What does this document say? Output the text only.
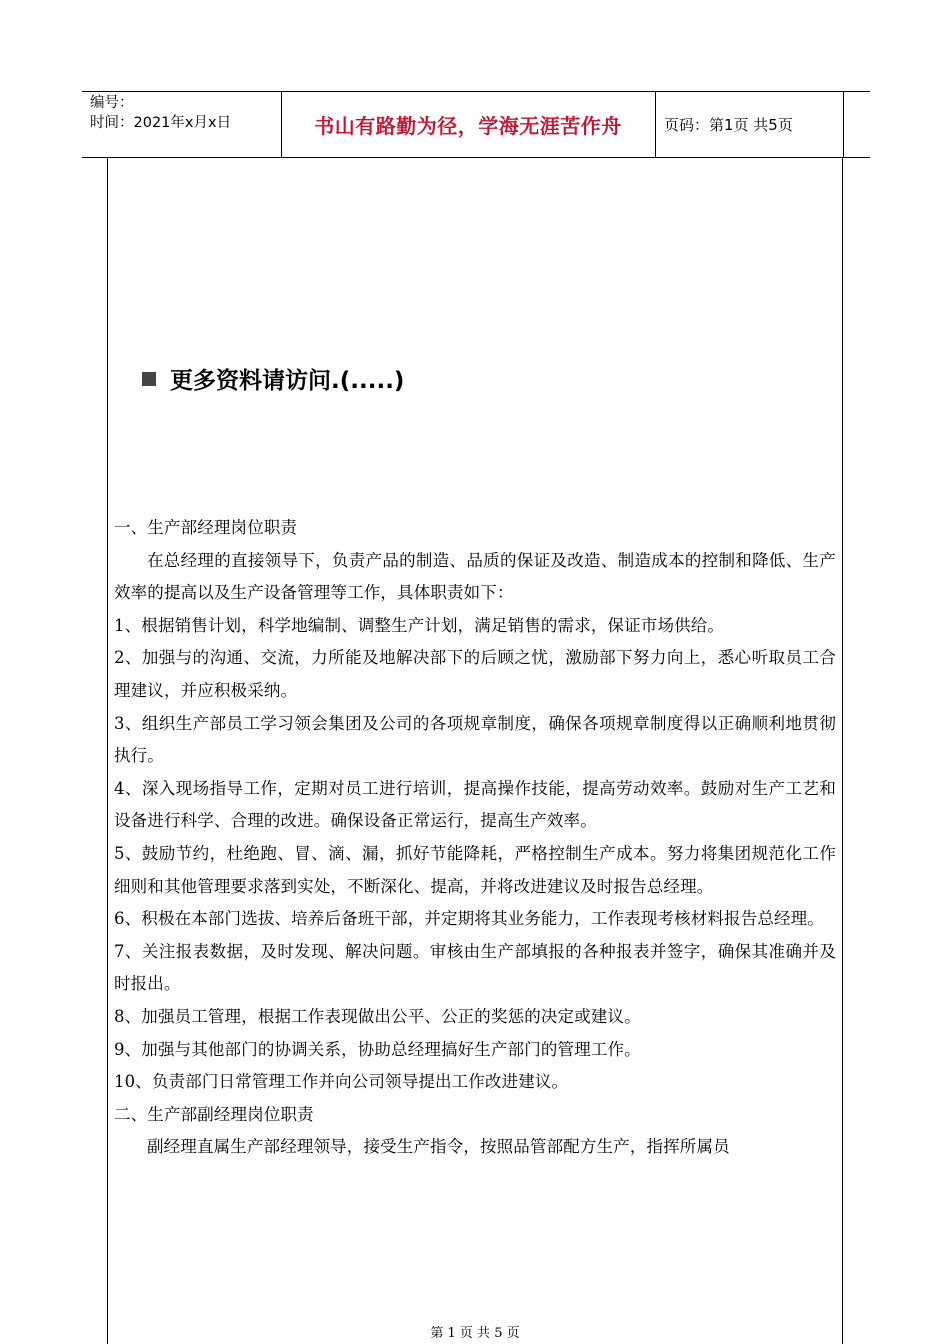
编号：
时间：2021年x月x日	书山有路勤为径，学海无涯苦作舟	页码：第1页 共5页
更多资料请访问.(.....)

一、生产部经理岗位职责

在总经理的直接领导下，负责产品的制造、品质的保证及改造、制造成本的控制和降低、生产效率的提高以及生产设备管理等工作，具体职责如下：

1、根据销售计划，科学地编制、调整生产计划，满足销售的需求，保证市场供给。

2、加强与的沟通、交流，力所能及地解决部下的后顾之忧，激励部下努力向上，悉心听取员工合理建议，并应积极采纳。

3、组织生产部员工学习领会集团及公司的各项规章制度，确保各项规章制度得以正确顺利地贯彻执行。

4、深入现场指导工作，定期对员工进行培训，提高操作技能，提高劳动效率。鼓励对生产工艺和设备进行科学、合理的改进。确保设备正常运行，提高生产效率。

5、鼓励节约，杜绝跑、冒、滴、漏，抓好节能降耗，严格控制生产成本。努力将集团规范化工作细则和其他管理要求落到实处，不断深化、提高，并将改进建议及时报告总经理。

6、积极在本部门选拔、培养后备班干部，并定期将其业务能力，工作表现考核材料报告总经理。

7、关注报表数据，及时发现、解决问题。审核由生产部填报的各种报表并签字，确保其准确并及时报出。

8、加强员工管理，根据工作表现做出公平、公正的奖惩的决定或建议。

9、加强与其他部门的协调关系，协助总经理搞好生产部门的管理工作。

10、负责部门日常管理工作并向公司领导提出工作改进建议。

二、生产部副经理岗位职责

副经理直属生产部经理领导，接受生产指令，按照品管部配方生产，指挥所属员

第 1 页 共 5 页
